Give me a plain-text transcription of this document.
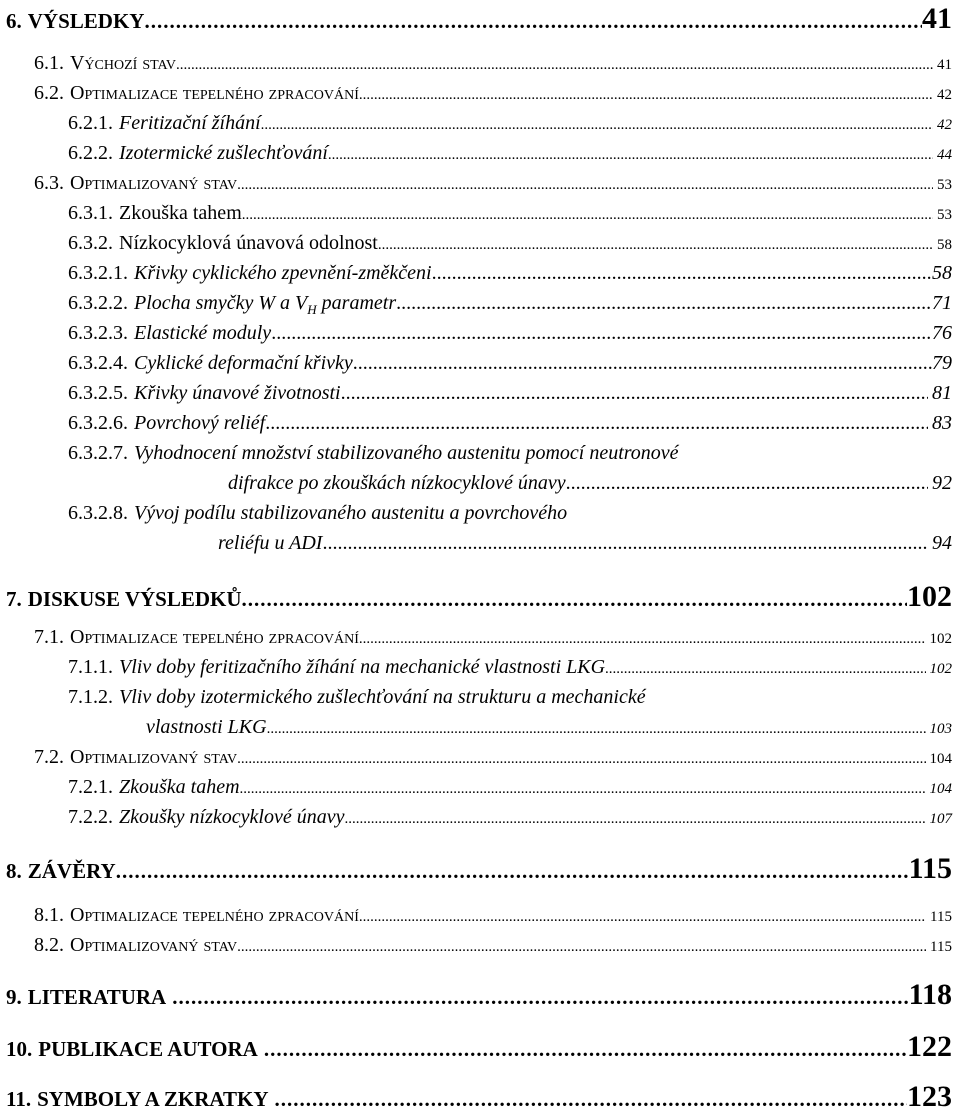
6. VÝSLEDKY .....	41
6.1. Výchozí stav .....	41
6.2. Optimalizace tepelného zpracování .....	42
6.2.1. Feritizační žíhání .....	42
6.2.2. Izotermické zušlechťování .....	44
6.3. Optimalizovaný stav .....	53
6.3.1. Zkouška tahem .....	53
6.3.2. Nízkocyklová únavová odolnost .....	58
6.3.2.1. Křivky cyklického zpevnění-změkčeni .....	58
6.3.2.2. Plocha smyčky W a $V_H$ parametr .....	71
6.3.2.3. Elastické moduly .....	76
6.3.2.4. Cyklické deformační křivky .....	79
6.3.2.5. Křivky únavové životnosti .....	81
6.3.2.6. Povrchový reliéf .....	83
6.3.2.7. Vyhodnocení množství stabilizovaného austenitu pomocí neutronové
difrakce po zkouškách nízkocyklové únavy .....	92
6.3.2.8. Vývoj podílu stabilizovaného austenitu a povrchového
reliéfu u ADI .....	94
7. DISKUSE VÝSLEDKŮ .....	102
7.1. Optimalizace tepelného zpracování .....	102
7.1.1. Vliv doby feritizačního žíhání na mechanické vlastnosti LKG .....	102
7.1.2. Vliv doby izotermického zušlechťování na strukturu a mechanické
vlastnosti LKG .....	103
7.2. Optimalizovaný stav .....	104
7.2.1. Zkouška tahem .....	104
7.2.2. Zkoušky nízkocyklové únavy .....	107
8. ZÁVĚRY .....	115
8.1. Optimalizace tepelného zpracování .....	115
8.2. Optimalizovaný stav .....	115
9. LITERATURA .....	118
10. PUBLIKACE AUTORA .....	122
11. SYMBOLY A ZKRATKY .....	123
